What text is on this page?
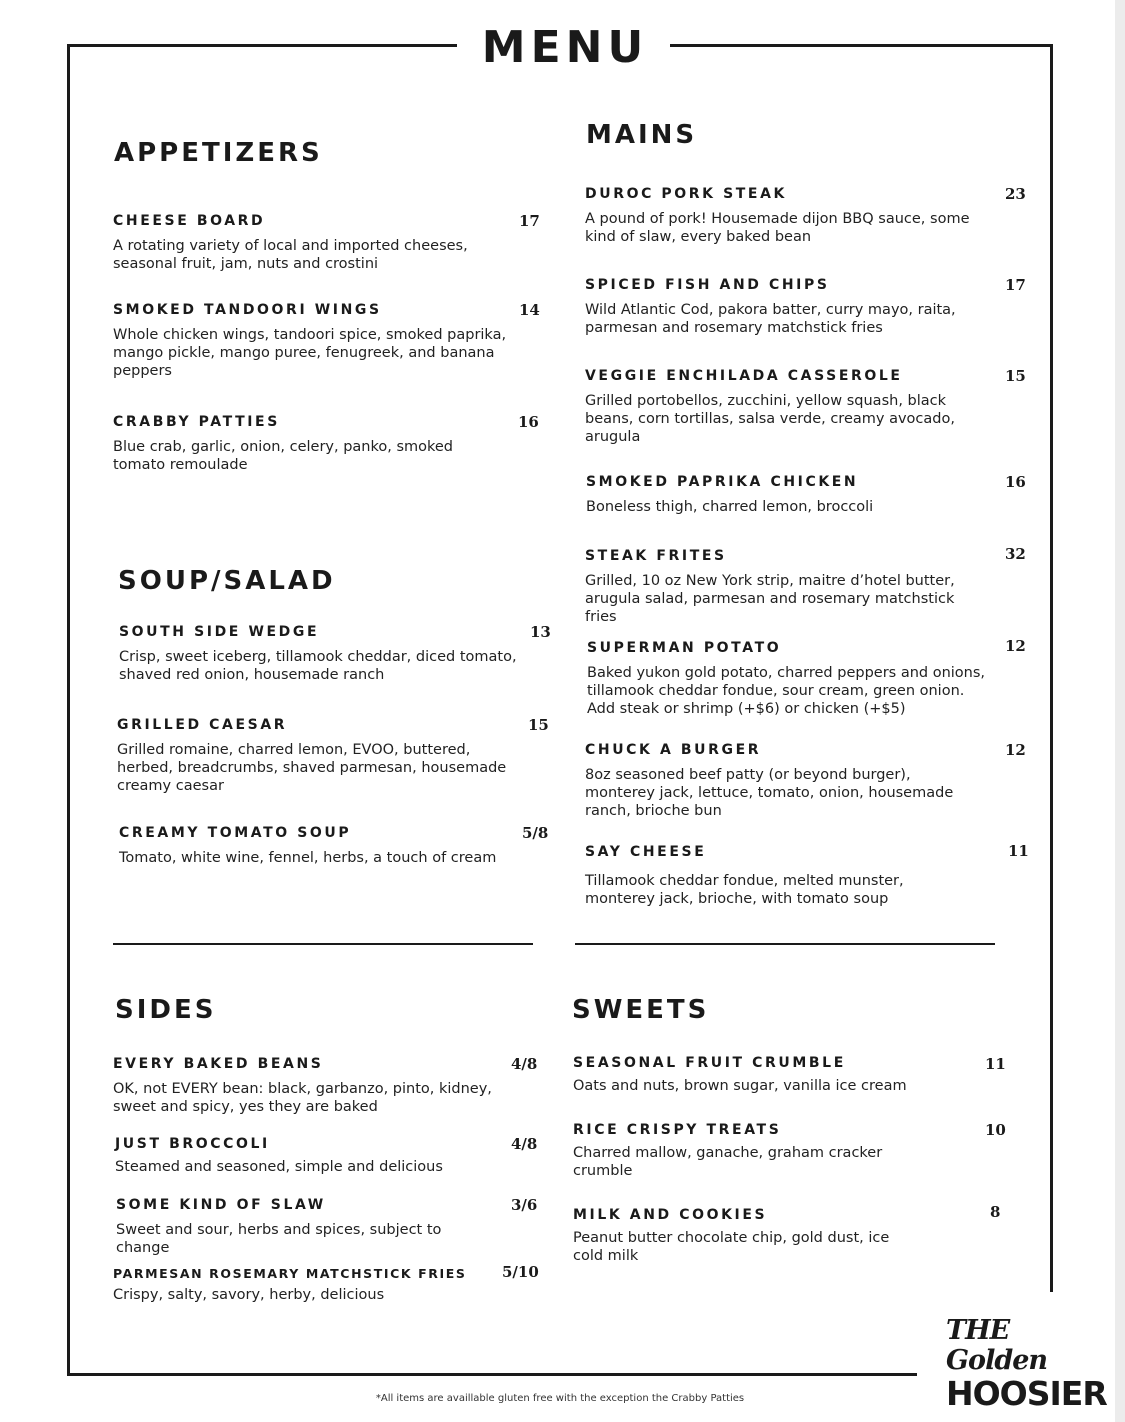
MENU
APPETIZERS
CHEESE BOARD
A rotating variety of local and imported cheeses, seasonal fruit, jam, nuts and crostini
17
SMOKED TANDOORI WINGS
Whole chicken wings, tandoori spice, smoked paprika, mango pickle, mango puree, fenugreek, and banana peppers
14
CRABBY PATTIES
Blue crab, garlic, onion, celery, panko, smoked tomato remoulade
16
SOUP/SALAD
SOUTH SIDE WEDGE
Crisp, sweet iceberg, tillamook cheddar, diced tomato, shaved red onion, housemade ranch
13
GRILLED CAESAR
Grilled romaine, charred lemon, EVOO, buttered, herbed, breadcrumbs, shaved parmesan, housemade creamy caesar
15
CREAMY TOMATO SOUP
Tomato, white wine, fennel, herbs, a touch of cream
5/8
MAINS
DUROC PORK STEAK
A pound of pork! Housemade dijon BBQ sauce, some kind of slaw, every baked bean
23
SPICED FISH AND CHIPS
Wild Atlantic Cod, pakora batter, curry mayo, raita, parmesan and rosemary matchstick fries
17
VEGGIE ENCHILADA CASSEROLE
Grilled portobellos, zucchini, yellow squash, black beans, corn tortillas, salsa verde, creamy avocado, arugula
15
SMOKED PAPRIKA CHICKEN
Boneless thigh, charred lemon, broccoli
16
STEAK FRITES
Grilled, 10 oz New York strip, maitre d’hotel butter, arugula salad, parmesan and rosemary matchstick fries
32
SUPERMAN POTATO
Baked yukon gold potato, charred peppers and onions, tillamook cheddar fondue, sour cream, green onion. Add steak or shrimp (+$6) or chicken (+$5)
12
CHUCK A BURGER
8oz seasoned beef patty (or beyond burger), monterey jack, lettuce, tomato, onion, housemade ranch, brioche bun
12
SAY CHEESE
Tillamook cheddar fondue, melted munster, monterey jack, brioche, with tomato soup
11
SIDES
EVERY BAKED BEANS
OK, not EVERY bean: black, garbanzo, pinto, kidney, sweet and spicy, yes they are baked
4/8
JUST BROCCOLI
Steamed and seasoned, simple and delicious
4/8
SOME KIND OF SLAW
Sweet and sour, herbs and spices, subject to change
3/6
PARMESAN ROSEMARY MATCHSTICK FRIES
Crispy, salty, savory, herby, delicious
5/10
SWEETS
SEASONAL FRUIT CRUMBLE
Oats and nuts, brown sugar, vanilla ice cream
11
RICE CRISPY TREATS
Charred mallow, ganache, graham cracker crumble
10
MILK AND COOKIES
Peanut butter chocolate chip, gold dust, ice cold milk
8
THE Golden
HOOSIER
*All items are availlable gluten free with the exception the Crabby Patties
